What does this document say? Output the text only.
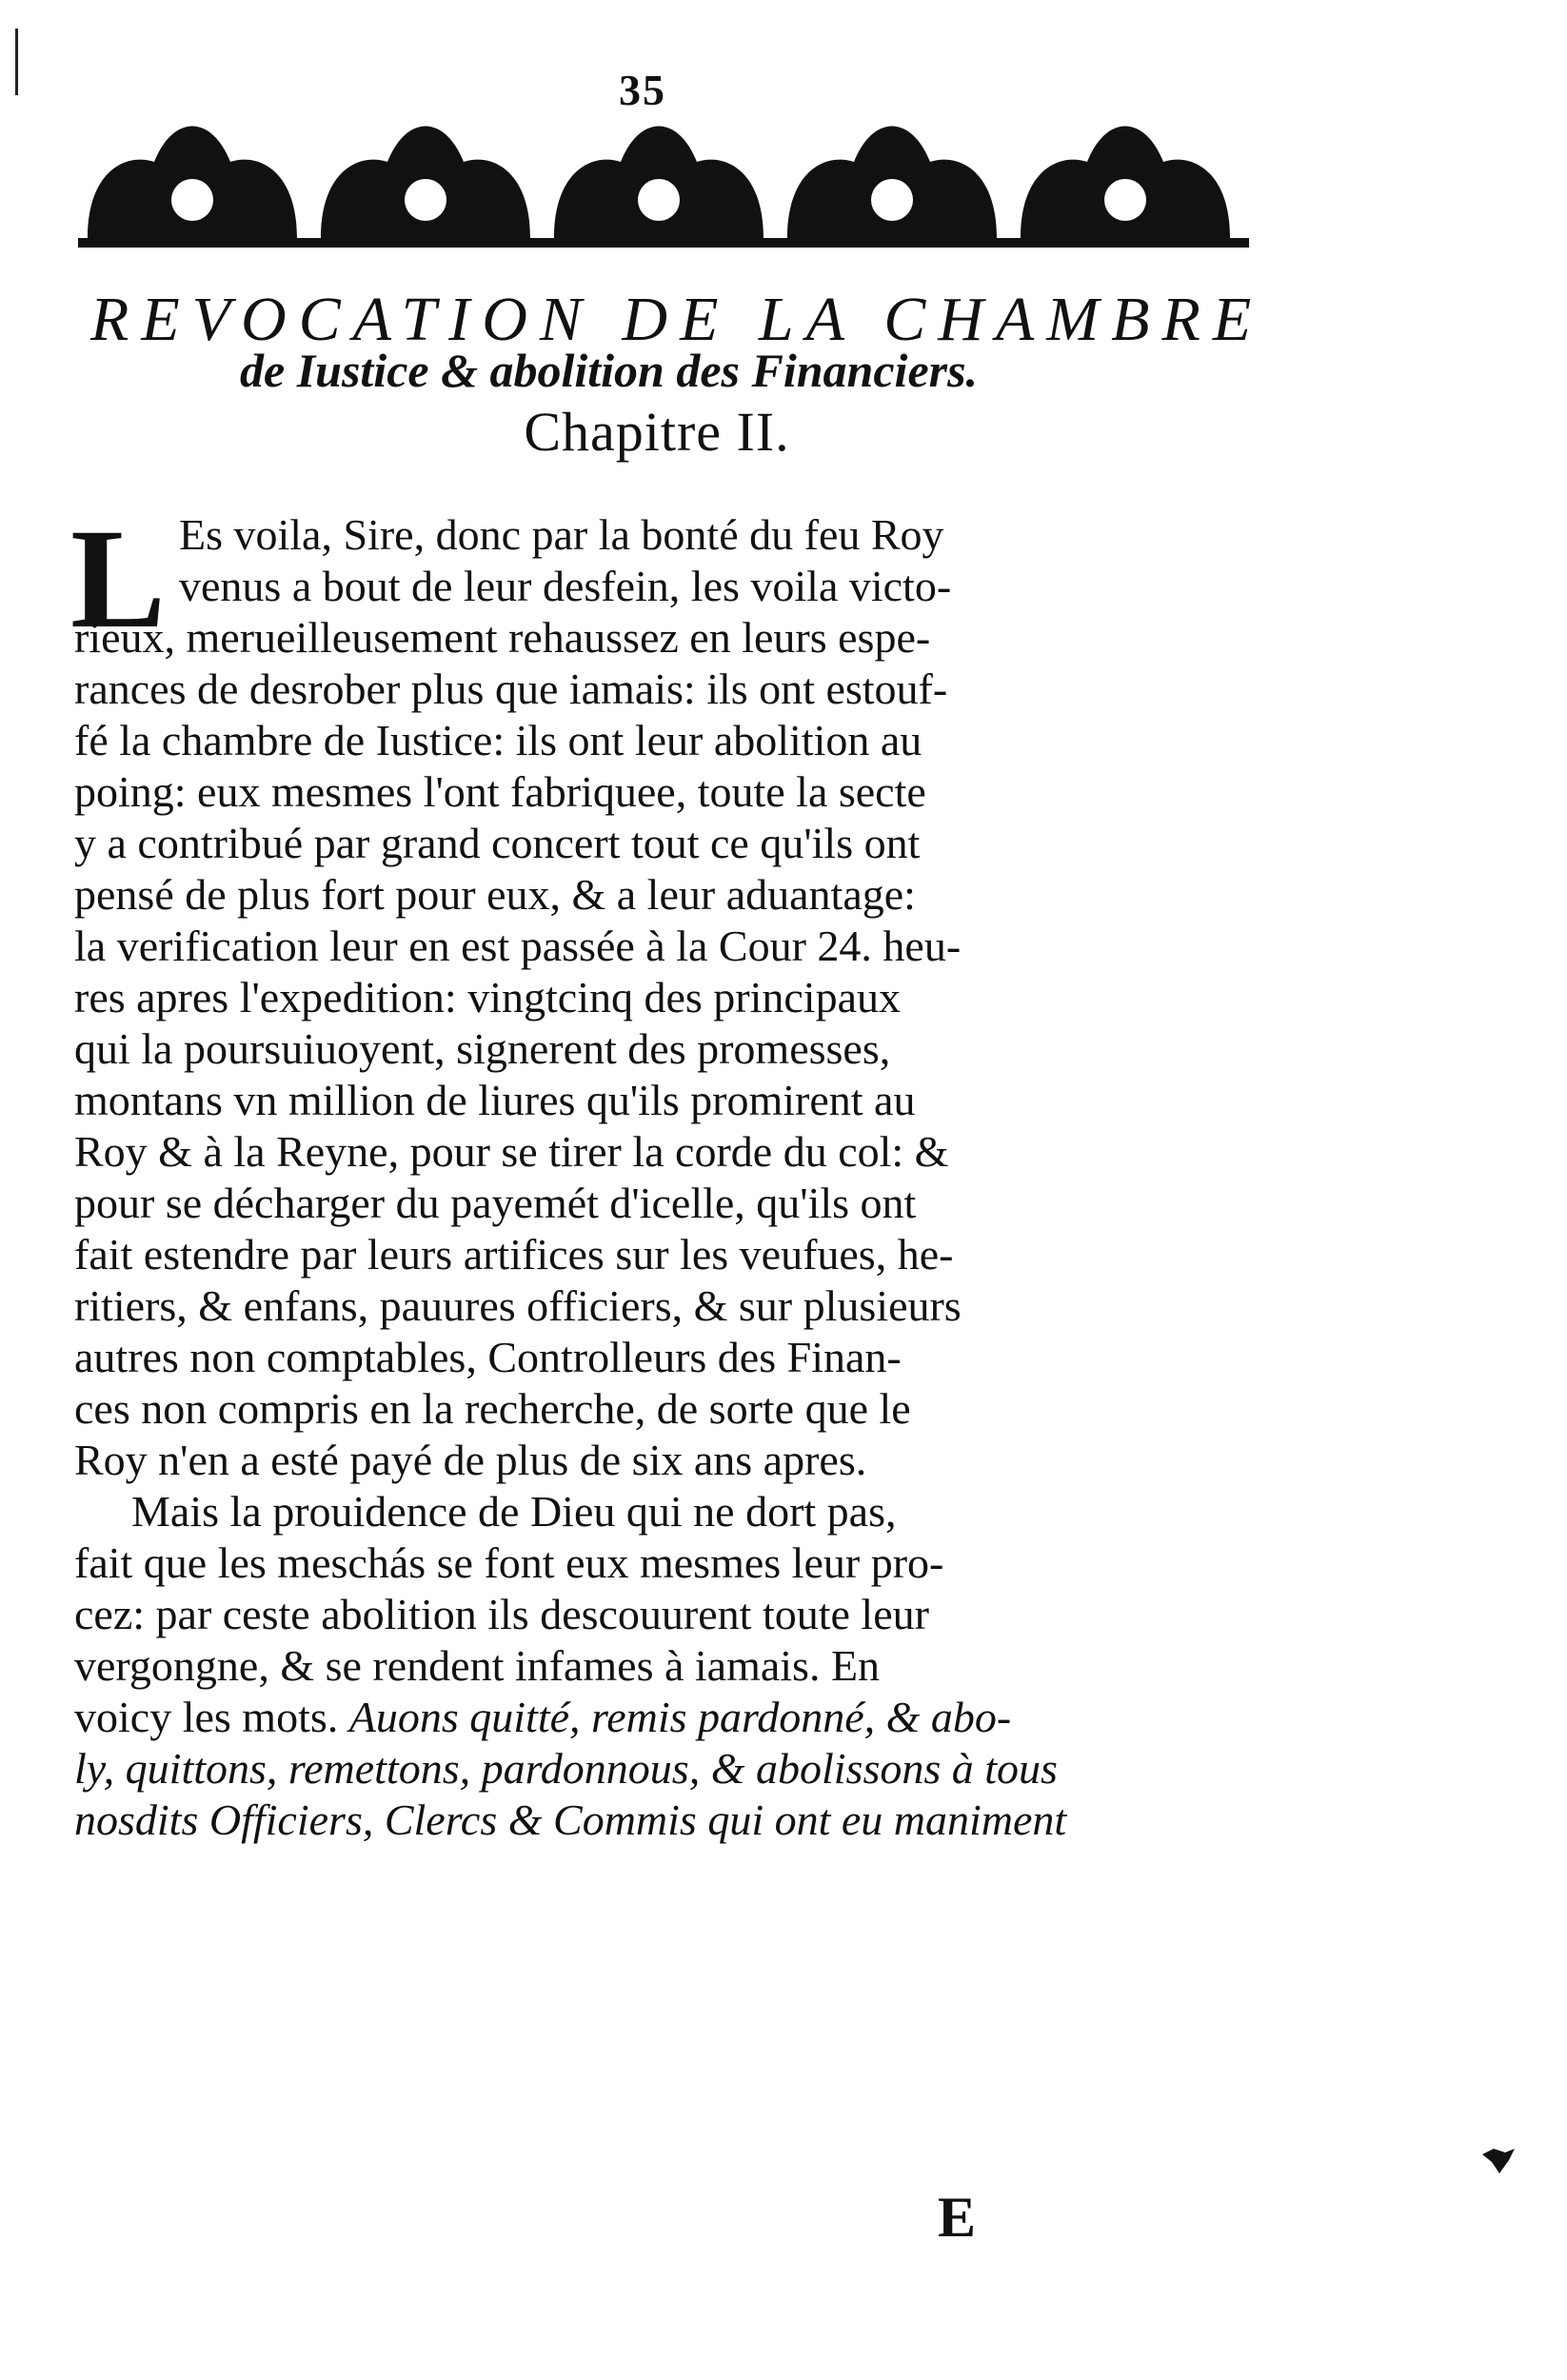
35
REVOCATION DE LA CHAMBRE
de Iustice & abolition des Financiers.
Chapitre II.
L Es voila, Sire, donc par la bonté du feu Roy
venus a bout de leur desfein, les voila victo-
rieux, merueilleusement rehaussez en leurs espe-
rances de desrober plus que iamais: ils ont estouf-
fé la chambre de Iustice: ils ont leur abolition au
poing: eux mesmes l'ont fabriquee, toute la secte
y a contribué par grand concert tout ce qu'ils ont
pensé de plus fort pour eux, & a leur aduantage:
la verification leur en est passée à la Cour 24. heu-
res apres l'expedition: vingtcinq des principaux
qui la poursuiuoyent, signerent des promesses,
montans vn million de liures qu'ils promirent au
Roy & à la Reyne, pour se tirer la corde du col: &
pour se décharger du payemét d'icelle, qu'ils ont
fait estendre par leurs artifices sur les veufues, he-
ritiers, & enfans, pauures officiers, & sur plusieurs
autres non comptables, Controlleurs des Finan-
ces non compris en la recherche, de sorte que le
Roy n'en a esté payé de plus de six ans apres.
Mais la prouidence de Dieu qui ne dort pas,
fait que les meschás se font eux mesmes leur pro-
cez: par ceste abolition ils descouurent toute leur
vergongne, & se rendent infames à iamais. En
voicy les mots. Auons quitté, remis pardonné, & abo-
ly, quittons, remettons, pardonnous, & abolissons à tous
nosdits Officiers, Clercs & Commis qui ont eu maniment
E
